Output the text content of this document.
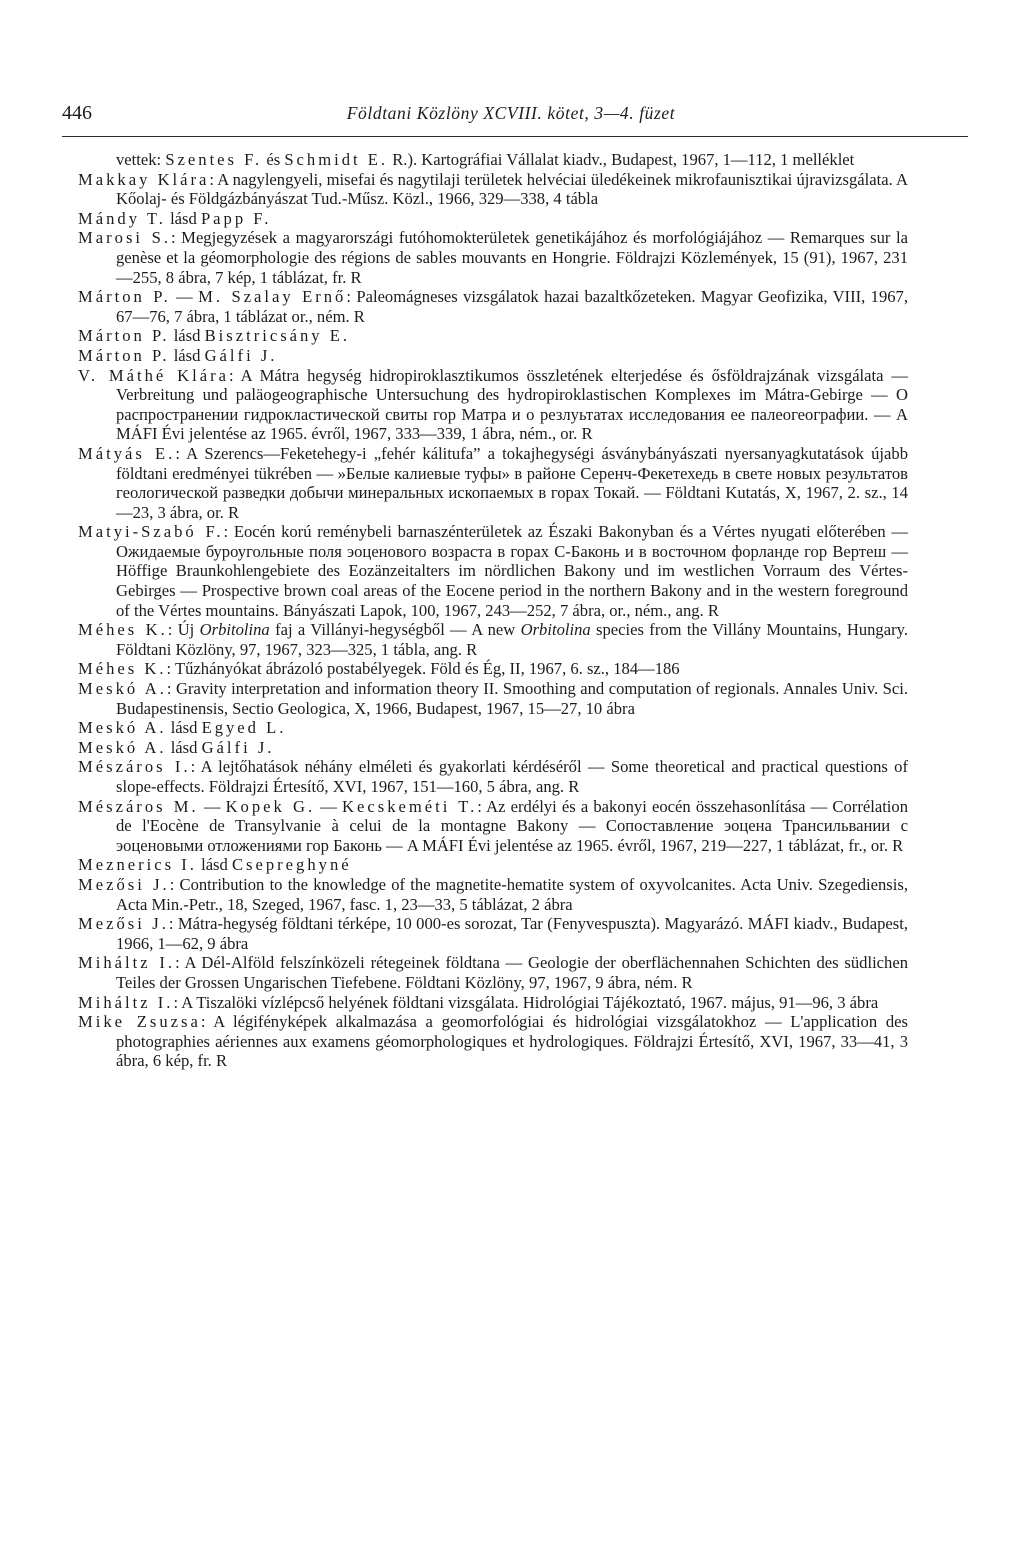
446	Földtani Közlöny XCVIII. kötet, 3—4. füzet

vettek: Szentes F. és Schmidt E. R.). Kartográfiai Vállalat kiadv., Budapest, 1967, 1—112, 1 melléklet

Makkay Klára: A nagylengyeli, misefai és nagytilaji területek helvéciai üledékeinek mikrofaunisztikai újravizsgálata. A Kőolaj- és Földgázbányászat Tud.-Műsz. Közl., 1966, 329—338, 4 tábla

Mándy T. lásd Papp F.

Marosi S.: Megjegyzések a magyarországi futóhomokterületek genetikájához és morfológiájához — Remarques sur la genèse et la géomorphologie des régions de sables mouvants en Hongrie. Földrajzi Közlemények, 15 (91), 1967, 231—255, 8 ábra, 7 kép, 1 táblázat, fr. R

Márton P. — M. Szalay Ernő: Paleomágneses vizsgálatok hazai bazaltkőzeteken. Magyar Geofizika, VIII, 1967, 67—76, 7 ábra, 1 táblázat or., ném. R

Márton P. lásd Bisztricsány E.

Márton P. lásd Gálfi J.

V. Máthé Klára: A Mátra hegység hidropiroklasztikumos összletének elterjedése és ősföldrajzának vizsgálata — Verbreitung und paläogeographische Untersuchung des hydropiroklastischen Komplexes im Mátra-Gebirge — О распространении гидрокластической свиты гор Матра и о резлуьтатах исследования ее палеогеографии. — A MÁFI Évi jelentése az 1965. évről, 1967, 333—339, 1 ábra, ném., or. R

Mátyás E.: A Szerencs—Feketehegy-i „fehér kálitufa” a tokajhegységi ásványbányászati nyersanyagkutatások újabb földtani eredményei tükrében — »Белые калиевые туфы» в районе Серенч-Фекетехедь в свете новых результатов геологической разведки добычи минеральных ископаемых в горах Токай. — Földtani Kutatás, X, 1967, 2. sz., 14—23, 3 ábra, or. R

Matyi-Szabó F.: Eocén korú reménybeli barnaszénterületek az Északi Bakonyban és a Vértes nyugati előterében — Ожидаемые буроугольные поля эоценового возраста в горах С-Баконь и в восточном форланде гор Вертеш — Höffige Braunkohlengebiete des Eozänzeitalters im nördlichen Bakony und im westlichen Vorraum des Vértes-Gebirges — Prospective brown coal areas of the Eocene period in the northern Bakony and in the western foreground of the Vértes mountains. Bányászati Lapok, 100, 1967, 243—252, 7 ábra, or., ném., ang. R

Méhes K.: Új Orbitolina faj a Villányi-hegységből — A new Orbitolina species from the Villány Mountains, Hungary. Földtani Közlöny, 97, 1967, 323—325, 1 tábla, ang. R

Méhes K.: Tűzhányókat ábrázoló postabélyegek. Föld és Ég, II, 1967, 6. sz., 184—186

Meskó A.: Gravity interpretation and information theory II. Smoothing and computation of regionals. Annales Univ. Sci. Budapestinensis, Sectio Geologica, X, 1966, Budapest, 1967, 15—27, 10 ábra

Meskó A. lásd Egyed L.

Meskó A. lásd Gálfi J.

Mészáros I.: A lejtőhatások néhány elméleti és gyakorlati kérdéséről — Some theoretical and practical questions of slope-effects. Földrajzi Értesítő, XVI, 1967, 151—160, 5 ábra, ang. R

Mészáros M. — Kopek G. — Kecskeméti T.: Az erdélyi és a bakonyi eocén összehasonlítása — Corrélation de l'Eocène de Transylvanie à celui de la montagne Bakony — Сопоставление эоцена Трансильвании с эоценовыми отложениями гор Баконь — A MÁFI Évi jelentése az 1965. évről, 1967, 219—227, 1 táblázat, fr., or. R

Meznerics I. lásd Csepreghyné

Mezősi J.: Contribution to the knowledge of the magnetite-hematite system of oxyvolcanites. Acta Univ. Szegediensis, Acta Min.-Petr., 18, Szeged, 1967, fasc. 1, 23—33, 5 táblázat, 2 ábra

Mezősi J.: Mátra-hegység földtani térképe, 10 000-es sorozat, Tar (Fenyvespuszta). Magyarázó. MÁFI kiadv., Budapest, 1966, 1—62, 9 ábra

Miháltz I.: A Dél-Alföld felszínközeli rétegeinek földtana — Geologie der oberflächennahen Schichten des südlichen Teiles der Grossen Ungarischen Tiefebene. Földtani Közlöny, 97, 1967, 9 ábra, ném. R

Miháltz I.: A Tiszalöki vízlépcső helyének földtani vizsgálata. Hidrológiai Tájékoztató, 1967. május, 91—96, 3 ábra

Mike Zsuzsa: A légifényképek alkalmazása a geomorfológiai és hidrológiai vizsgálatokhoz — L'application des photographies aériennes aux examens géomorphologiques et hydrologiques. Földrajzi Értesítő, XVI, 1967, 33—41, 3 ábra, 6 kép, fr. R
